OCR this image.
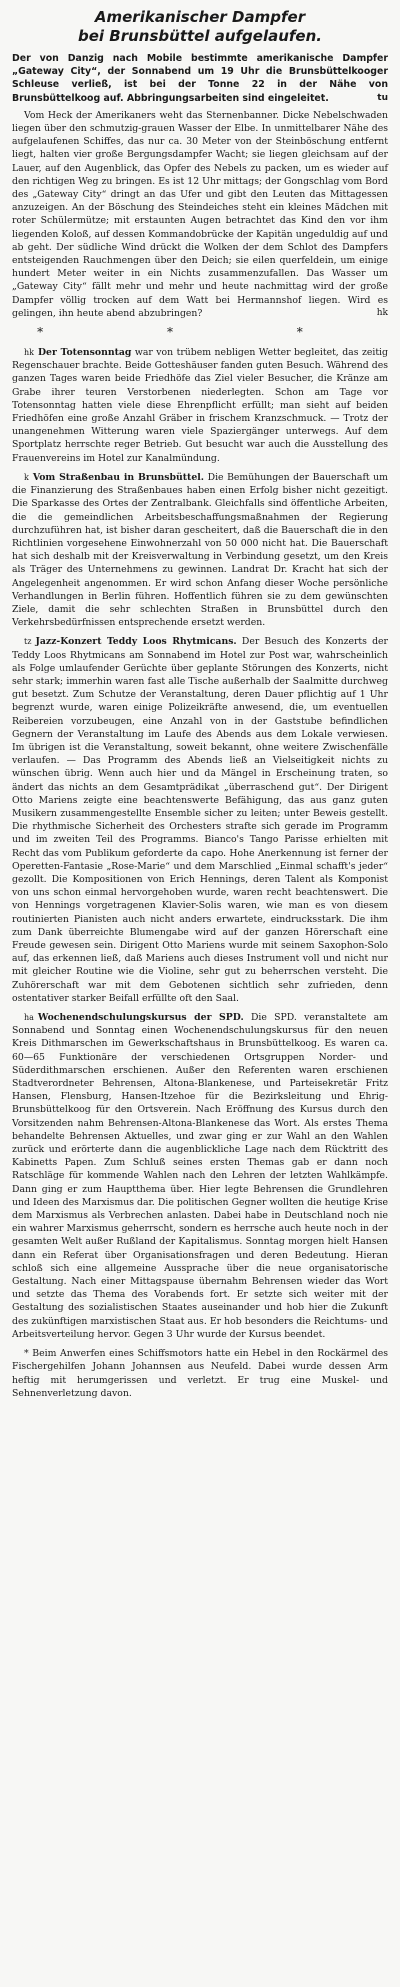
Amerikanischer Dampfer
bei Brunsbüttel aufgelaufen.
Der von Danzig nach Mobile bestimmte amerikanische Dampfer „Gateway City“, der Sonnabend um 19 Uhr die Brunsbüttelkooger Schleuse verließ, ist bei der Tonne 22 in der Nähe von Brunsbüttelkoog auf. Abbringungsarbeiten sind eingeleitet.	tu

Vom Heck der Amerikaners weht das Sternenbanner. Dicke Nebelschwaden liegen über den schmutzig-grauen Wasser der Elbe. In unmittelbarer Nähe des aufgelaufenen Schiffes, das nur ca. 30 Meter von der Steinböschung entfernt liegt, halten vier große Bergungsdampfer Wacht; sie liegen gleichsam auf der Lauer, auf den Augenblick, das Opfer des Nebels zu packen, um es wieder auf den richtigen Weg zu bringen. Es ist 12 Uhr mittags; der Gongschlag vom Bord des „Gateway City“ dringt an das Ufer und gibt den Leuten das Mittagessen anzuzeigen. An der Böschung des Steindeiches steht ein kleines Mädchen mit roter Schülermütze; mit erstaunten Augen betrachtet das Kind den vor ihm liegenden Koloß, auf dessen Kommandobrücke der Kapitän ungeduldig auf und ab geht. Der südliche Wind drückt die Wolken der dem Schlot des Dampfers entsteigenden Rauchmengen über den Deich; sie eilen querfeldein, um einige hundert Meter weiter in ein Nichts zusammenzufallen. Das Wasser um „Gateway City“ fällt mehr und mehr und heute nachmittag wird der große Dampfer völlig trocken auf dem Watt bei Hermannshof liegen. Wird es gelingen, ihn heute abend abzubringen?	hk

* * *

hk Der Totensonntag war von trübem nebligen Wetter begleitet, das zeitig Regenschauer brachte. Beide Gotteshäuser fanden guten Besuch. Während des ganzen Tages waren beide Friedhöfe das Ziel vieler Besucher, die Kränze am Grabe ihrer teuren Verstorbenen niederlegten. Schon am Tage vor Totensonntag hatten viele diese Ehrenpflicht erfüllt; man sieht auf beiden Friedhöfen eine große Anzahl Gräber in frischem Kranzschmuck. — Trotz der unangenehmen Witterung waren viele Spaziergänger unterwegs. Auf dem Sportplatz herrschte reger Betrieb. Gut besucht war auch die Ausstellung des Frauenvereins im Hotel zur Kanalmündung.

k Vom Straßenbau in Brunsbüttel. Die Bemühungen der Bauerschaft um die Finanzierung des Straßenbaues haben einen Erfolg bisher nicht gezeitigt. Die Sparkasse des Ortes der Zentralbank. Gleichfalls sind öffentliche Arbeiten, die die gemeindlichen Arbeitsbeschaffungsmaßnahmen der Regierung durchzuführen hat, ist bisher daran gescheitert, daß die Bauerschaft die in den Richtlinien vorgesehene Einwohnerzahl von 50 000 nicht hat. Die Bauerschaft hat sich deshalb mit der Kreisverwaltung in Verbindung gesetzt, um den Kreis als Träger des Unternehmens zu gewinnen. Landrat Dr. Kracht hat sich der Angelegenheit angenommen. Er wird schon Anfang dieser Woche persönliche Verhandlungen in Berlin führen. Hoffentlich führen sie zu dem gewünschten Ziele, damit die sehr schlechten Straßen in Brunsbüttel durch den Verkehrsbedürfnissen entsprechende ersetzt werden.

tz Jazz-Konzert Teddy Loos Rhytmicans. Der Besuch des Konzerts der Teddy Loos Rhytmicans am Sonnabend im Hotel zur Post war, wahrscheinlich als Folge umlaufender Gerüchte über geplante Störungen des Konzerts, nicht sehr stark; immerhin waren fast alle Tische außerhalb der Saalmitte durchweg gut besetzt. Zum Schutze der Veranstaltung, deren Dauer pflichtig auf 1 Uhr begrenzt wurde, waren einige Polizeikräfte anwesend, die, um eventuellen Reibereien vorzubeugen, eine Anzahl von in der Gaststube befindlichen Gegnern der Veranstaltung im Laufe des Abends aus dem Lokale verwiesen. Im übrigen ist die Veranstaltung, soweit bekannt, ohne weitere Zwischenfälle verlaufen. — Das Programm des Abends ließ an Vielseitigkeit nichts zu wünschen übrig. Wenn auch hier und da Mängel in Erscheinung traten, so ändert das nichts an dem Gesamtprädikat „überraschend gut“. Der Dirigent Otto Mariens zeigte eine beachtenswerte Befähigung, das aus ganz guten Musikern zusammengestellte Ensemble sicher zu leiten; unter Beweis gestellt. Die rhythmische Sicherheit des Orchesters strafte sich gerade im Programm und im zweiten Teil des Programms. Bianco's Tango Parisse erhielten mit Recht das vom Publikum geforderte da capo. Hohe Anerkennung ist ferner der Operetten-Fantasie „Rose-Marie“ und dem Marschlied „Einmal schafft's jeder“ gezollt. Die Kompositionen von Erich Hennings, deren Talent als Komponist von uns schon einmal hervorgehoben wurde, waren recht beachtenswert. Die von Hennings vorgetragenen Klavier-Solis waren, wie man es von diesem routinierten Pianisten auch nicht anders erwartete, eindrucksstark. Die ihm zum Dank überreichte Blumengabe wird auf der ganzen Hörerschaft eine Freude gewesen sein. Dirigent Otto Mariens wurde mit seinem Saxophon-Solo auf, das erkennen ließ, daß Mariens auch dieses Instrument voll und nicht nur mit gleicher Routine wie die Violine, sehr gut zu beherrschen versteht. Die Zuhörerschaft war mit dem Gebotenen sichtlich sehr zufrieden, denn ostentativer starker Beifall erfüllte oft den Saal.

ha Wochenendschulungskursus der SPD. Die SPD. veranstaltete am Sonnabend und Sonntag einen Wochenendschulungskursus für den neuen Kreis Dithmarschen im Gewerkschaftshaus in Brunsbüttelkoog. Es waren ca. 60—65 Funktionäre der verschiedenen Ortsgruppen Norder- und Süderdithmarschen erschienen. Außer den Referenten waren erschienen Stadtverordneter Behrensen, Altona-Blankenese, und Parteisekretär Fritz Hansen, Flensburg, Hansen-Itzehoe für die Bezirksleitung und Ehrig-Brunsbüttelkoog für den Ortsverein. Nach Eröffnung des Kursus durch den Vorsitzenden nahm Behrensen-Altona-Blankenese das Wort. Als erstes Thema behandelte Behrensen Aktuelles, und zwar ging er zur Wahl an den Wahlen zurück und erörterte dann die augenblickliche Lage nach dem Rücktritt des Kabinetts Papen. Zum Schluß seines ersten Themas gab er dann noch Ratschläge für kommende Wahlen nach den Lehren der letzten Wahlkämpfe. Dann ging er zum Hauptthema über. Hier legte Behrensen die Grundlehren und Ideen des Marxismus dar. Die politischen Gegner wollten die heutige Krise dem Marxismus als Verbrechen anlasten. Dabei habe in Deutschland noch nie ein wahrer Marxismus geherrscht, sondern es herrsche auch heute noch in der gesamten Welt außer Rußland der Kapitalismus. Sonntag morgen hielt Hansen dann ein Referat über Organisationsfragen und deren Bedeutung. Hieran schloß sich eine allgemeine Aussprache über die neue organisatorische Gestaltung. Nach einer Mittagspause übernahm Behrensen wieder das Wort und setzte das Thema des Vorabends fort. Er setzte sich weiter mit der Gestaltung des sozialistischen Staates auseinander und hob hier die Zukunft des zukünftigen marxistischen Staat aus. Er hob besonders die Reichtums- und Arbeitsverteilung hervor. Gegen 3 Uhr wurde der Kursus beendet.

* Beim Anwerfen eines Schiffsmotors hatte ein Hebel in den Rockärmel des Fischergehilfen Johann Johannsen aus Neufeld. Dabei wurde dessen Arm heftig mit herumgerissen und verletzt. Er trug eine Muskel- und Sehnenverletzung davon.
